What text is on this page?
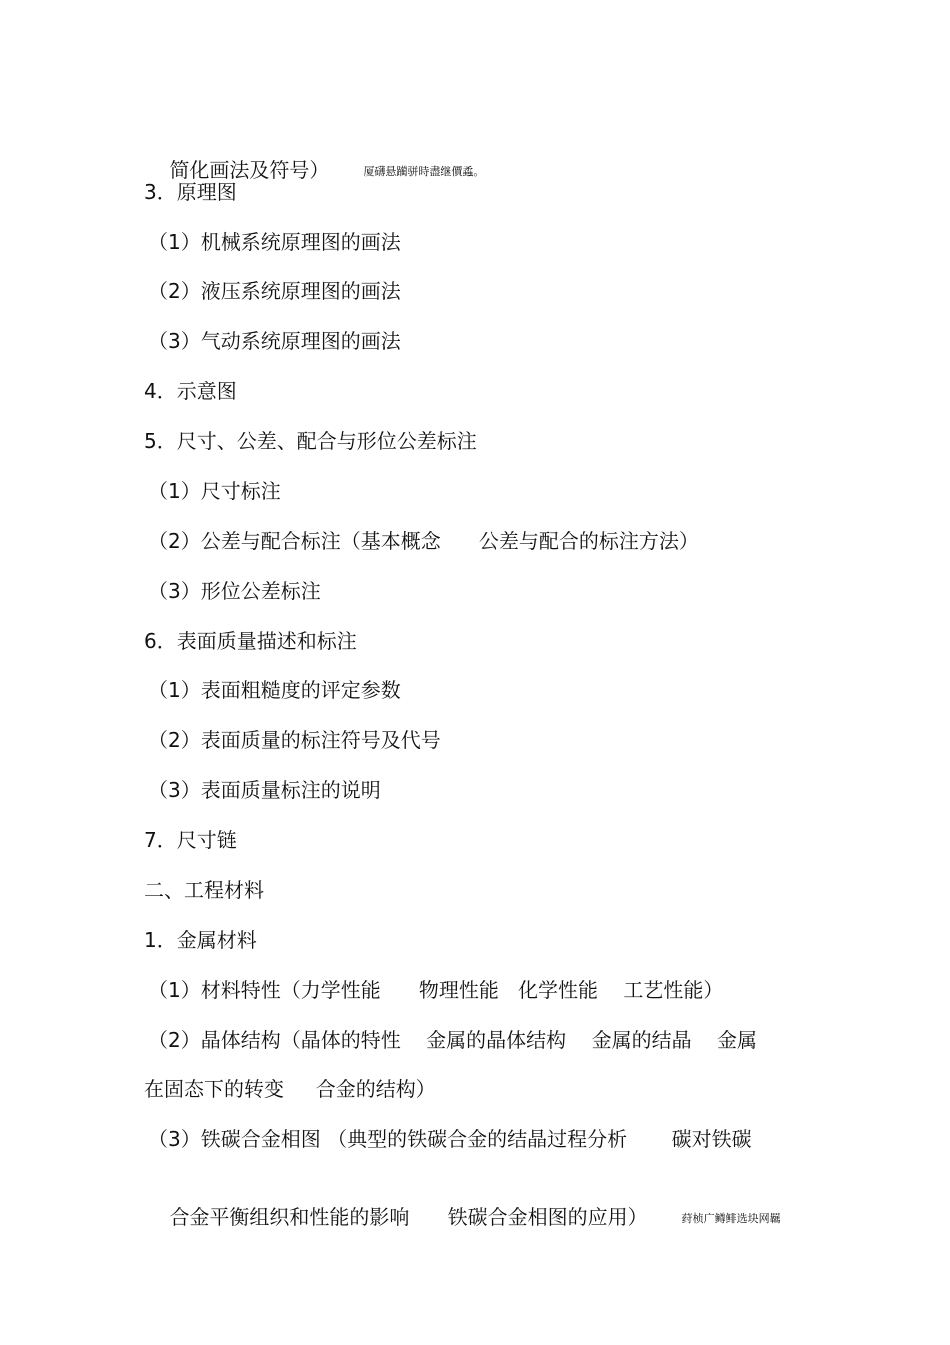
简化画法及符号）	厦礴悬躏骈時盡继價蟊。

3．原理图
（1）机械系统原理图的画法
（2）液压系统原理图的画法
（3）气动系统原理图的画法
4．示意图
5．尺寸、公差、配合与形位公差标注
（1）尺寸标注
（2）公差与配合标注（基本概念      公差与配合的标注方法）
（3）形位公差标注
6．表面质量描述和标注
（1）表面粗糙度的评定参数
（2）表面质量的标注符号及代号
（3）表面质量标注的说明
7．尺寸链
二、工程材料
1．金属材料
（1）材料特性（力学性能      物理性能   化学性能    工艺性能）
（2）晶体结构（晶体的特性    金属的晶体结构    金属的结晶    金属
在固态下的转变     合金的结构）
（3）铁碳合金相图 （典型的铁碳合金的结晶过程分析       碳对铁碳

合金平衡组织和性能的影响      铁碳合金相图的应用）	荮桢广鳟鲱选块网羈
